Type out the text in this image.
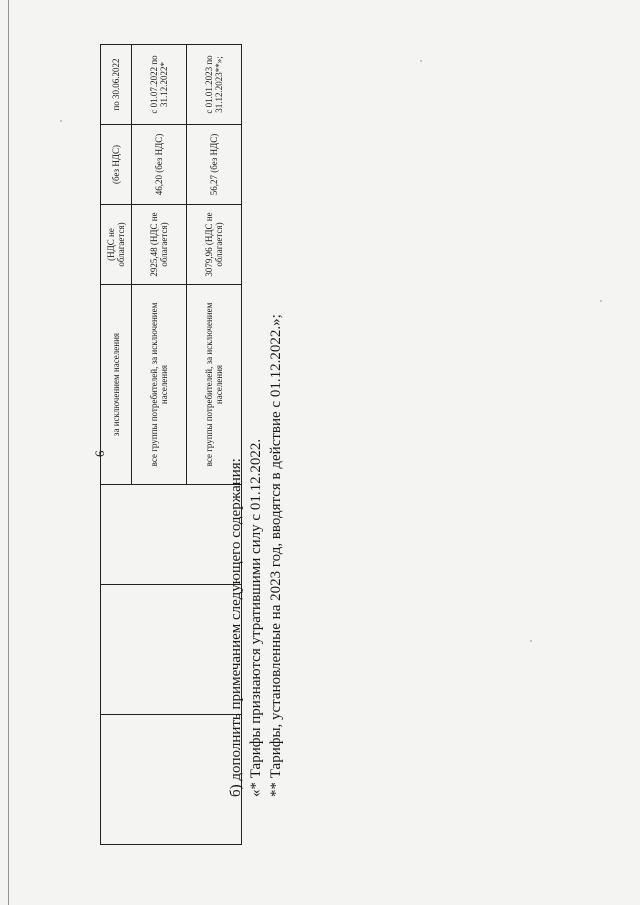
6
			за исключением населения	(НДС не облагается)	(без НДС)	по 30.06.2022
			все группы потребителей, за исключением населения	2925,48 (НДС не облагается)	46,20 (без НДС)	с 01.07.2022 по 31.12.2022*
			все группы потребителей, за исключением населения	3079,96 (НДС не облагается)	56,27 (без НДС)	с 01.01.2023 по 31.12.2023**»;
б) дополнить примечанием следующего содержания: «* Тарифы признаются утратившими силу с 01.12.2022. ** Тарифы, установленные на 2023 год, вводятся в действие с 01.12.2022.»;
